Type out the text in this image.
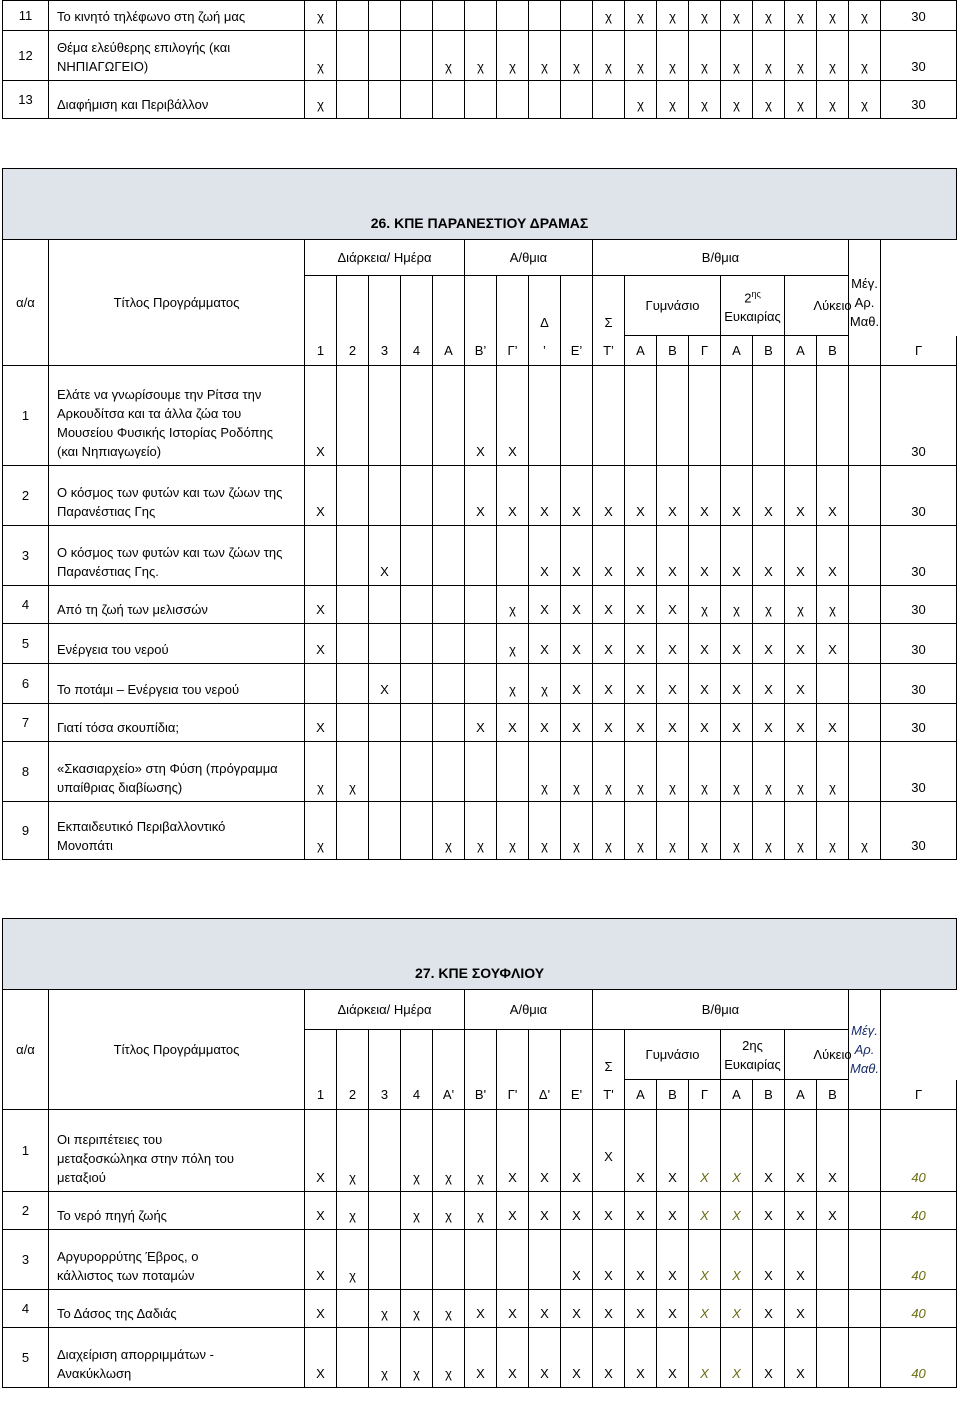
11	Το κινητό τηλέφωνο στη ζωή μας	χ									χ	χ	χ	χ	χ	χ	χ	χ	χ	30
12	Θέμα ελεύθερης επιλογής (και
ΝΗΠΙΑΓΩΓΕΙΟ)	χ				χ	χ	χ	χ	χ	χ	χ	χ	χ	χ	χ	χ	χ	χ	30
13	Διαφήμιση και Περιβάλλον	χ										χ	χ	χ	χ	χ	χ	χ	χ	30
26. ΚΠΕ ΠΑΡΑΝΕΣΤΙΟΥ ΔΡΑΜΑΣ																				
α/α	Τίτλος Προγράμματος	Διάρκεια/ Ημέρα					Α/θμια				Β/θμια								Μέγ.
Αρ.
Μαθ.	
									Δ		Σ	Γυμνάσιο			$2^{\eta\varsigma}$
Ευκαιρίας		Λύκειο			
		1	2	3	4	Α	Β’	Γ’	’	Ε’	Τ’	Α	Β	Γ	Α	Β	Α	Β		Γ
1	Ελάτε να γνωρίσουμε την Ρίτσα την
Αρκουδίτσα και τα άλλα ζώα του
Μουσείου Φυσικής Ιστορίας Ροδόπης
(και Νηπιαγωγείο)	Χ					Χ	Χ												30
2	Ο κόσμος των φυτών και των ζώων της
Παρανέστιας Γης	Χ					Χ	Χ	Χ	Χ	Χ	Χ	Χ	Χ	Χ	Χ	Χ	Χ		30
3	Ο κόσμος των φυτών και των ζώων της
Παρανέστιας Γης.			Χ					Χ	Χ	Χ	Χ	Χ	Χ	Χ	Χ	Χ	Χ		30
4	Από τη ζωή των μελισσών	Χ						χ	Χ	Χ	Χ	Χ	Χ	χ	χ	χ	χ	χ		30
5	Ενέργεια του νερού	Χ						χ	Χ	Χ	Χ	Χ	Χ	Χ	Χ	Χ	Χ	Χ		30
6	Το ποτάμι – Ενέργεια του νερού			Χ				χ	χ	Χ	Χ	Χ	Χ	Χ	Χ	Χ	Χ			30
7	Γιατί τόσα σκουπίδια;	Χ					Χ	Χ	Χ	Χ	Χ	Χ	Χ	Χ	Χ	Χ	Χ	Χ		30
8	«Σκασιαρχείο» στη Φύση (πρόγραμμα
υπαίθριας διαβίωσης)	χ	χ						χ	χ	χ	χ	χ	χ	χ	χ	χ	χ		30
9	Εκπαιδευτικό Περιβαλλοντικό
Μονοπάτι	χ				χ	χ	χ	χ	χ	χ	χ	χ	χ	χ	χ	χ	χ	χ	30
27. ΚΠΕ ΣΟΥΦΛΙΟΥ																				
α/α	Τίτλος Προγράμματος	Διάρκεια/ Ημέρα					Α/θμια				Β/θμια								Μέγ.
Αρ.
Μαθ.	
											Σ	Γυμνάσιο			2ης
Ευκαιρίας		Λύκειο			
		1	2	3	4	Α'	Β'	Γ'	Δ'	Ε'	Τ'	Α	Β	Γ	Α	Β	Α	Β		Γ
1	Οι περιπέτειες του
μεταξοσκώληκα στην πόλη του
μεταξιού	Χ	χ		χ	χ	χ	Χ	Χ	Χ	Χ	Χ	Χ	X	X	Χ	Χ	Χ		40
2	Το νερό πηγή ζωής	Χ	χ		χ	χ	χ	Χ	Χ	Χ	Χ	Χ	Χ	X	X	Χ	Χ	Χ		40
3	Αργυρορρύτης Έβρος, ο
κάλλιστος των ποταμών	Χ	χ							Χ	Χ	Χ	X	X	Χ	Χ	Χ			40
4	Το Δάσος της Δαδιάς	Χ		χ	χ	χ	Χ	Χ	Χ	Χ	Χ	Χ	X	X	Χ	Χ	Χ			40
5	Διαχείριση απορριμμάτων -
Ανακύκλωση	Χ		χ	χ	χ	Χ	Χ	Χ	Χ	Χ	Χ	X	X	Χ	Χ	Χ			40
